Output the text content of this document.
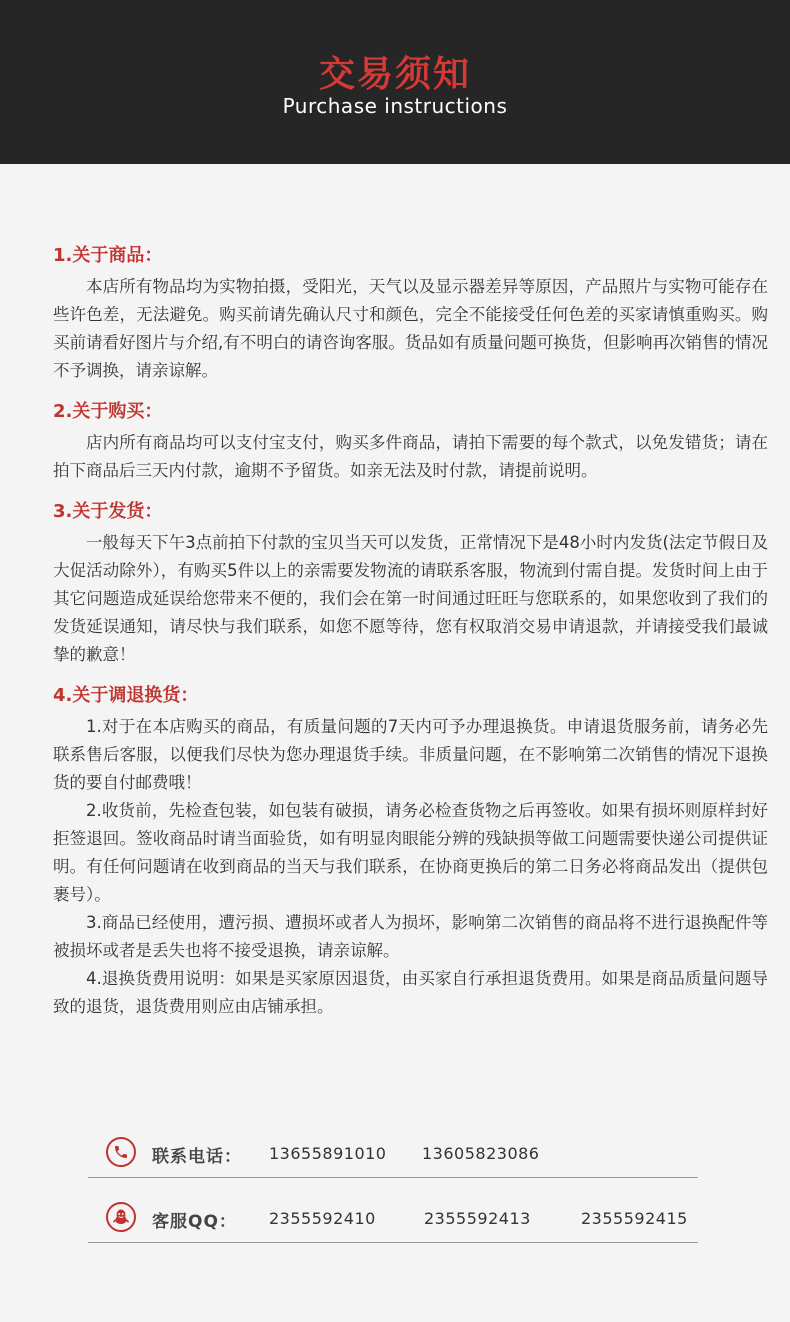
交易须知
Purchase instructions
1.关于商品：

本店所有物品均为实物拍摄，受阳光，天气以及显示器差异等原因，产品照片与实物可能存在些许色差，无法避免。购买前请先确认尺寸和颜色，完全不能接受任何色差的买家请慎重购买。购买前请看好图片与介绍,有不明白的请咨询客服。货品如有质量问题可换货，但影响再次销售的情况不予调换，请亲谅解。

2.关于购买：

店内所有商品均可以支付宝支付，购买多件商品，请拍下需要的每个款式，以免发错货；请在拍下商品后三天内付款，逾期不予留货。如亲无法及时付款，请提前说明。

3.关于发货：

一般每天下午3点前拍下付款的宝贝当天可以发货，正常情况下是48小时内发货(法定节假日及大促活动除外），有购买5件以上的亲需要发物流的请联系客服，物流到付需自提。发货时间上由于其它问题造成延误给您带来不便的，我们会在第一时间通过旺旺与您联系的，如果您收到了我们的发货延误通知，请尽快与我们联系，如您不愿等待，您有权取消交易申请退款，并请接受我们最诚挚的歉意！

4.关于调退换货：

1.对于在本店购买的商品，有质量问题的7天内可予办理退换货。申请退货服务前，请务必先联系售后客服，以便我们尽快为您办理退货手续。非质量问题，在不影响第二次销售的情况下退换货的要自付邮费哦！

2.收货前，先检查包装，如包装有破损，请务必检查货物之后再签收。如果有损坏则原样封好拒签退回。签收商品时请当面验货，如有明显肉眼能分辨的残缺损等做工问题需要快递公司提供证明。有任何问题请在收到商品的当天与我们联系，在协商更换后的第二日务必将商品发出（提供包裹号）。

3.商品已经使用，遭污损、遭损坏或者人为损坏，影响第二次销售的商品将不进行退换配件等被损坏或者是丢失也将不接受退换，请亲谅解。

4.退换货费用说明：如果是买家原因退货，由买家自行承担退货费用。如果是商品质量问题导致的退货，退货费用则应由店铺承担。

联系电话： 13655891010 13605823086
客服QQ： 2355592410	2355592413	2355592415
